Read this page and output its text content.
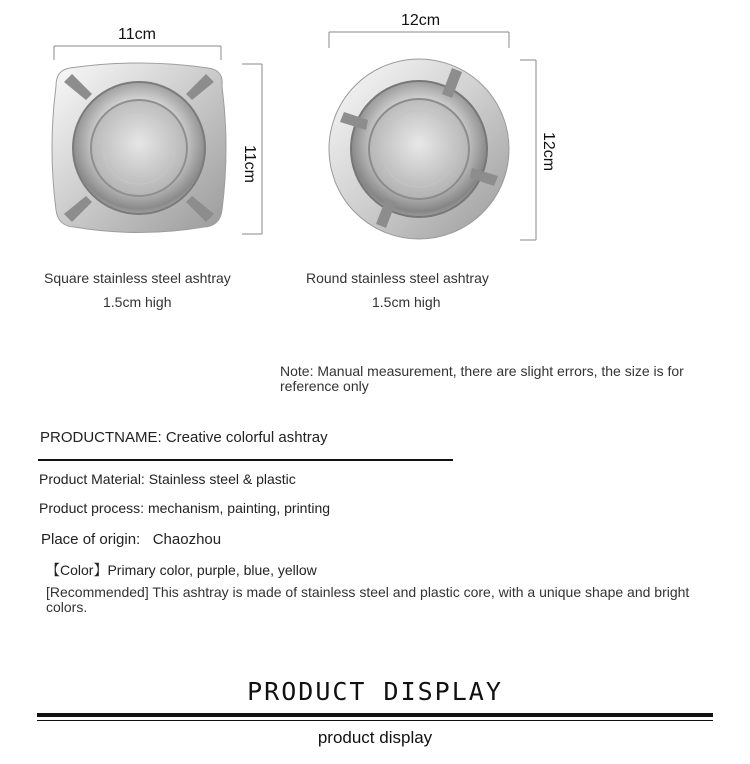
11cm
11cm
Square stainless steel ashtray
1.5cm high
12cm
12cm
Round stainless steel ashtray
1.5cm high
Note: Manual measurement, there are slight errors, the size is for reference only
PRODUCTNAME: Creative colorful ashtray
Product Material: Stainless steel & plastic
Product process: mechanism, painting, printing
Place of origin:   Chaozhou
【Color】Primary color, purple, blue, yellow
[Recommended] This ashtray is made of stainless steel and plastic core, with a unique shape and bright colors.
PRODUCT DISPLAY
product display
